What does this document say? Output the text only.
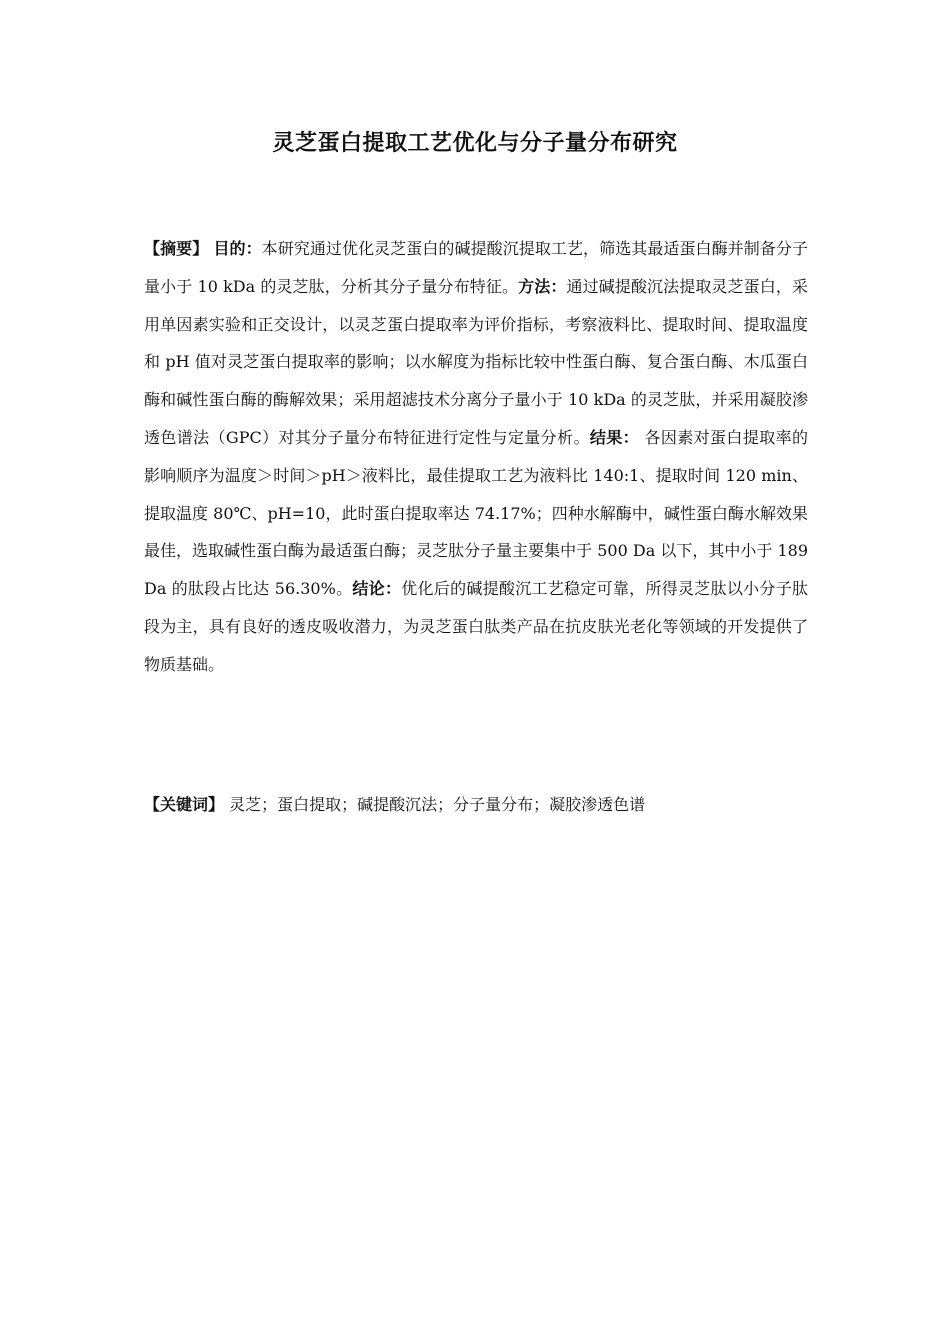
灵芝蛋白提取工艺优化与分子量分布研究
【摘要】 目的：本研究通过优化灵芝蛋白的碱提酸沉提取工艺，筛选其最适蛋白酶并制备分子量小于 10 kDa 的灵芝肽，分析其分子量分布特征。方法：通过碱提酸沉法提取灵芝蛋白，采用单因素实验和正交设计，以灵芝蛋白提取率为评价指标，考察液料比、提取时间、提取温度和 pH 值对灵芝蛋白提取率的影响；以水解度为指标比较中性蛋白酶、复合蛋白酶、木瓜蛋白酶和碱性蛋白酶的酶解效果；采用超滤技术分离分子量小于 10 kDa 的灵芝肽，并采用凝胶渗透色谱法（GPC）对其分子量分布特征进行定性与定量分析。结果： 各因素对蛋白提取率的影响顺序为温度＞时间＞pH＞液料比，最佳提取工艺为液料比 140:1、提取时间 120 min、提取温度 80℃、pH=10，此时蛋白提取率达 74.17%；四种水解酶中，碱性蛋白酶水解效果最佳，选取碱性蛋白酶为最适蛋白酶；灵芝肽分子量主要集中于 500 Da 以下，其中小于 189 Da 的肽段占比达 56.30%。结论：优化后的碱提酸沉工艺稳定可靠，所得灵芝肽以小分子肽段为主，具有良好的透皮吸收潜力，为灵芝蛋白肽类产品在抗皮肤光老化等领域的开发提供了物质基础。
【关键词】 灵芝；蛋白提取；碱提酸沉法；分子量分布；凝胶渗透色谱
